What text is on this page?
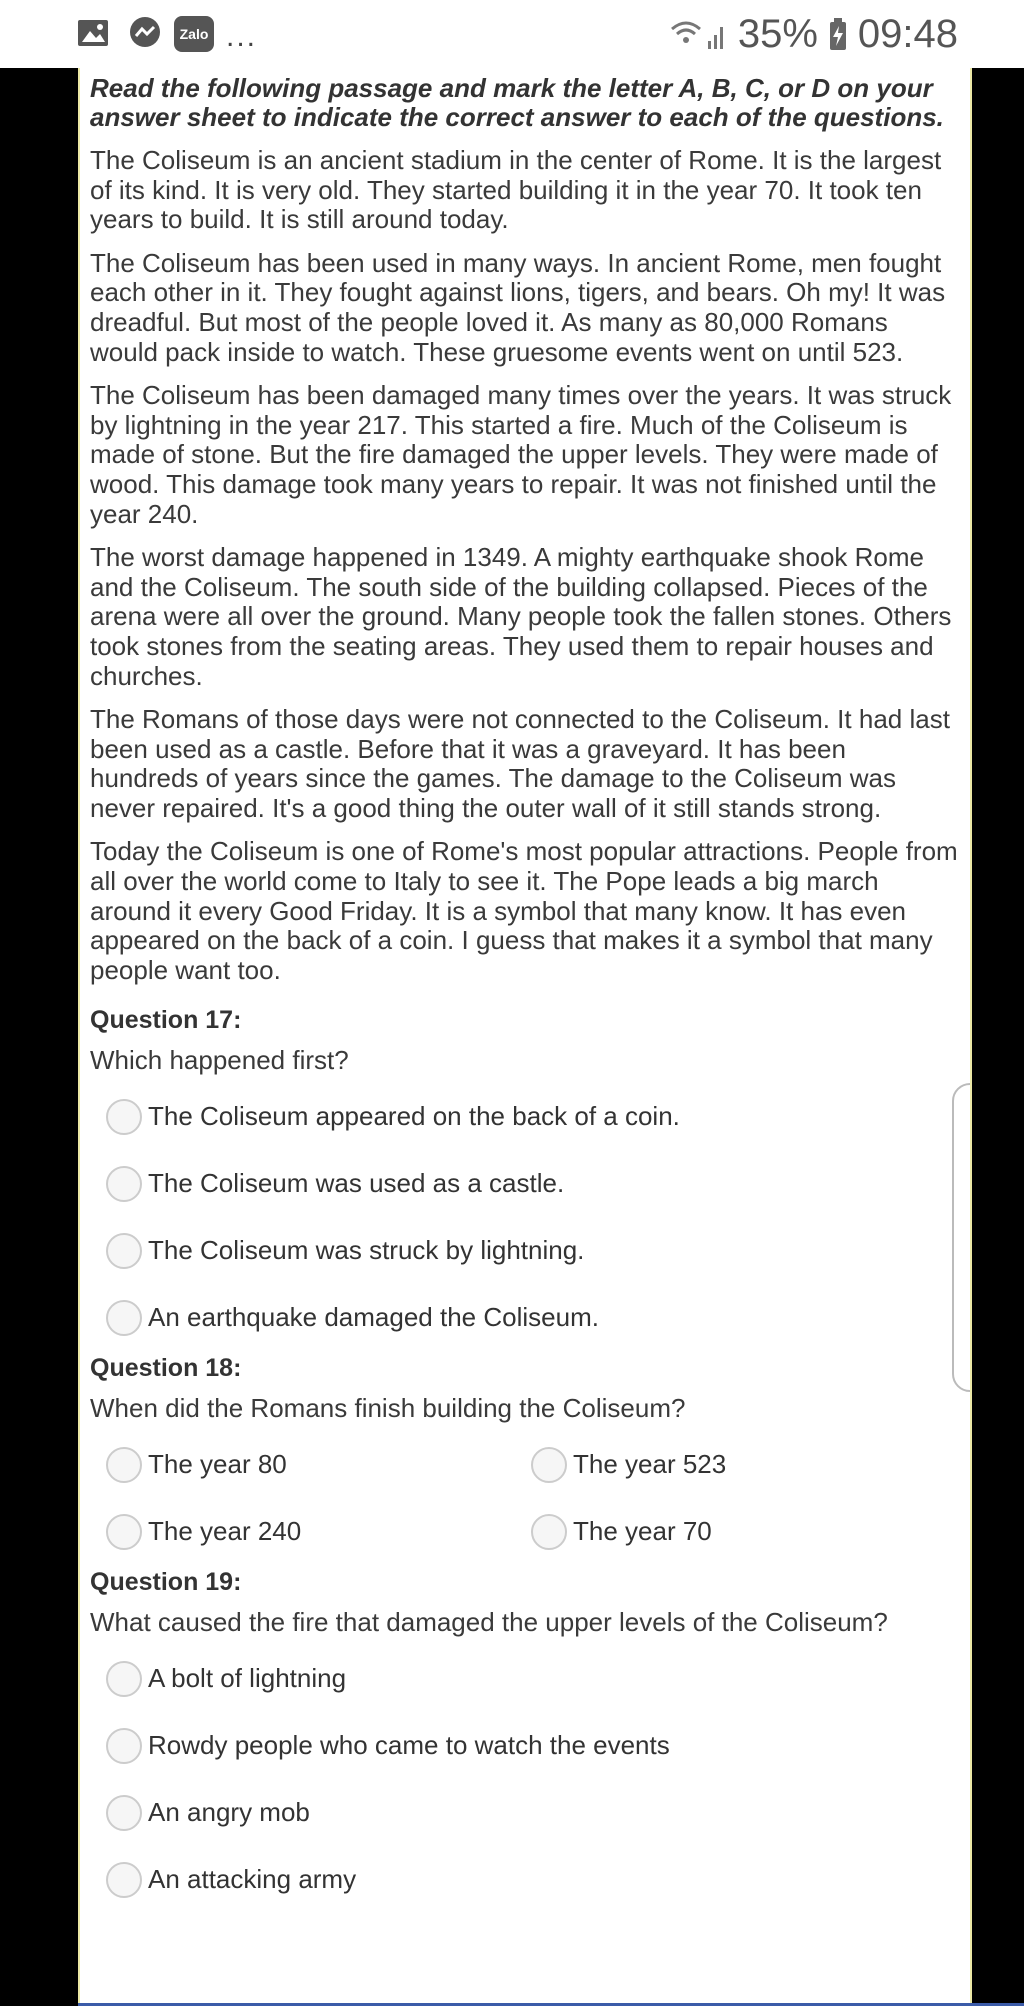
Zalo ...	35% 09:48

Read the following passage and mark the letter A, B, C, or D on your answer sheet to indicate the correct answer to each of the questions.

The Coliseum is an ancient stadium in the center of Rome. It is the largest of its kind. It is very old. They started building it in the year 70. It took ten years to build. It is still around today.

The Coliseum has been used in many ways. In ancient Rome, men fought each other in it. They fought against lions, tigers, and bears. Oh my! It was dreadful. But most of the people loved it. As many as 80,000 Romans would pack inside to watch. These gruesome events went on until 523.

The Coliseum has been damaged many times over the years. It was struck by lightning in the year 217. This started a fire. Much of the Coliseum is made of stone. But the fire damaged the upper levels. They were made of wood. This damage took many years to repair. It was not finished until the year 240.

The worst damage happened in 1349. A mighty earthquake shook Rome and the Coliseum. The south side of the building collapsed. Pieces of the arena were all over the ground. Many people took the fallen stones. Others took stones from the seating areas. They used them to repair houses and churches.

The Romans of those days were not connected to the Coliseum. It had last been used as a castle. Before that it was a graveyard. It has been hundreds of years since the games. The damage to the Coliseum was never repaired. It's a good thing the outer wall of it still stands strong.

Today the Coliseum is one of Rome's most popular attractions. People from all over the world come to Italy to see it. The Pope leads a big march around it every Good Friday. It is a symbol that many know. It has even appeared on the back of a coin. I guess that makes it a symbol that many people want too.

Question 17:

Which happened first?

The Coliseum appeared on the back of a coin.
The Coliseum was used as a castle.
The Coliseum was struck by lightning.
An earthquake damaged the Coliseum.

Question 18:

When did the Romans finish building the Coliseum?

The year 80	The year 523
The year 240	The year 70

Question 19:

What caused the fire that damaged the upper levels of the Coliseum?

A bolt of lightning
Rowdy people who came to watch the events
An angry mob
An attacking army
